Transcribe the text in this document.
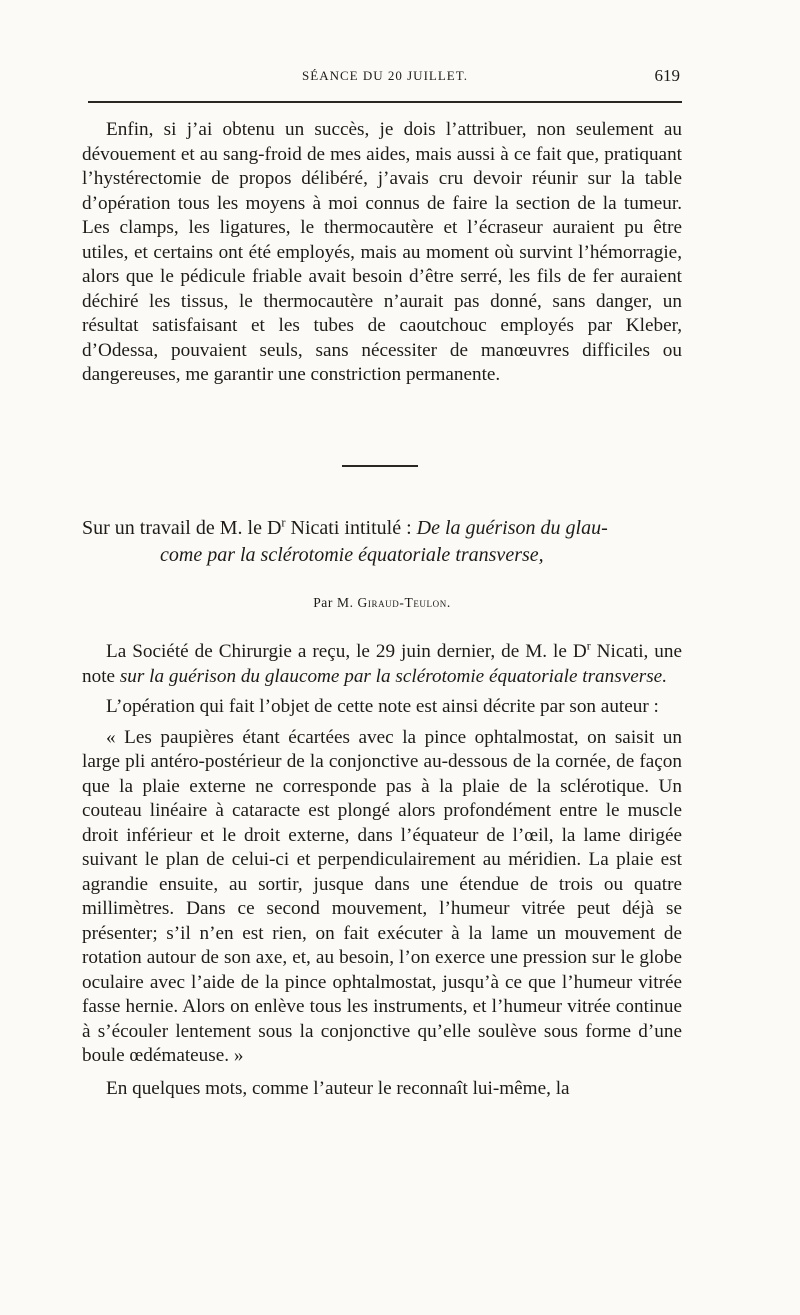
SÉANCE DU 20 JUILLET.	619

Enfin, si j’ai obtenu un succès, je dois l’attribuer, non seulement au dévouement et au sang-froid de mes aides, mais aussi à ce fait que, pratiquant l’hystérectomie de propos délibéré, j’avais cru devoir réunir sur la table d’opération tous les moyens à moi connus de faire la section de la tumeur. Les clamps, les ligatures, le thermocautère et l’écraseur auraient pu être utiles, et certains ont été employés, mais au moment où survint l’hémorragie, alors que le pédicule friable avait besoin d’être serré, les fils de fer auraient déchiré les tissus, le thermocautère n’aurait pas donné, sans danger, un résultat satisfaisant et les tubes de caoutchouc employés par Kleber, d’Odessa, pouvaient seuls, sans nécessiter de manœuvres difficiles ou dangereuses, me garantir une constriction permanente.

Sur un travail de M. le $D^r$ Nicati intitulé : De la guérison du glau-
come par la sclérotomie équatoriale transverse,
Par M. Giraud-Teulon.

La Société de Chirurgie a reçu, le 29 juin dernier, de M. le $D^r$ Nicati, une note sur la guérison du glaucome par la sclérotomie équatoriale transverse.

L’opération qui fait l’objet de cette note est ainsi décrite par son auteur :

« Les paupières étant écartées avec la pince ophtalmostat, on saisit un large pli antéro-postérieur de la conjonctive au-dessous de la cornée, de façon que la plaie externe ne corresponde pas à la plaie de la sclérotique. Un couteau linéaire à cataracte est plongé alors profondément entre le muscle droit inférieur et le droit externe, dans l’équateur de l’œil, la lame dirigée suivant le plan de celui-ci et perpendiculairement au méridien. La plaie est agrandie ensuite, au sortir, jusque dans une étendue de trois ou quatre millimètres. Dans ce second mouvement, l’humeur vitrée peut déjà se présenter; s’il n’en est rien, on fait exécuter à la lame un mouvement de rotation autour de son axe, et, au besoin, l’on exerce une pression sur le globe oculaire avec l’aide de la pince ophtalmostat, jusqu’à ce que l’humeur vitrée fasse hernie. Alors on enlève tous les instruments, et l’humeur vitrée continue à s’écouler lentement sous la conjonctive qu’elle soulève sous forme d’une boule œdémateuse. »

En quelques mots, comme l’auteur le reconnaît lui-même, la
